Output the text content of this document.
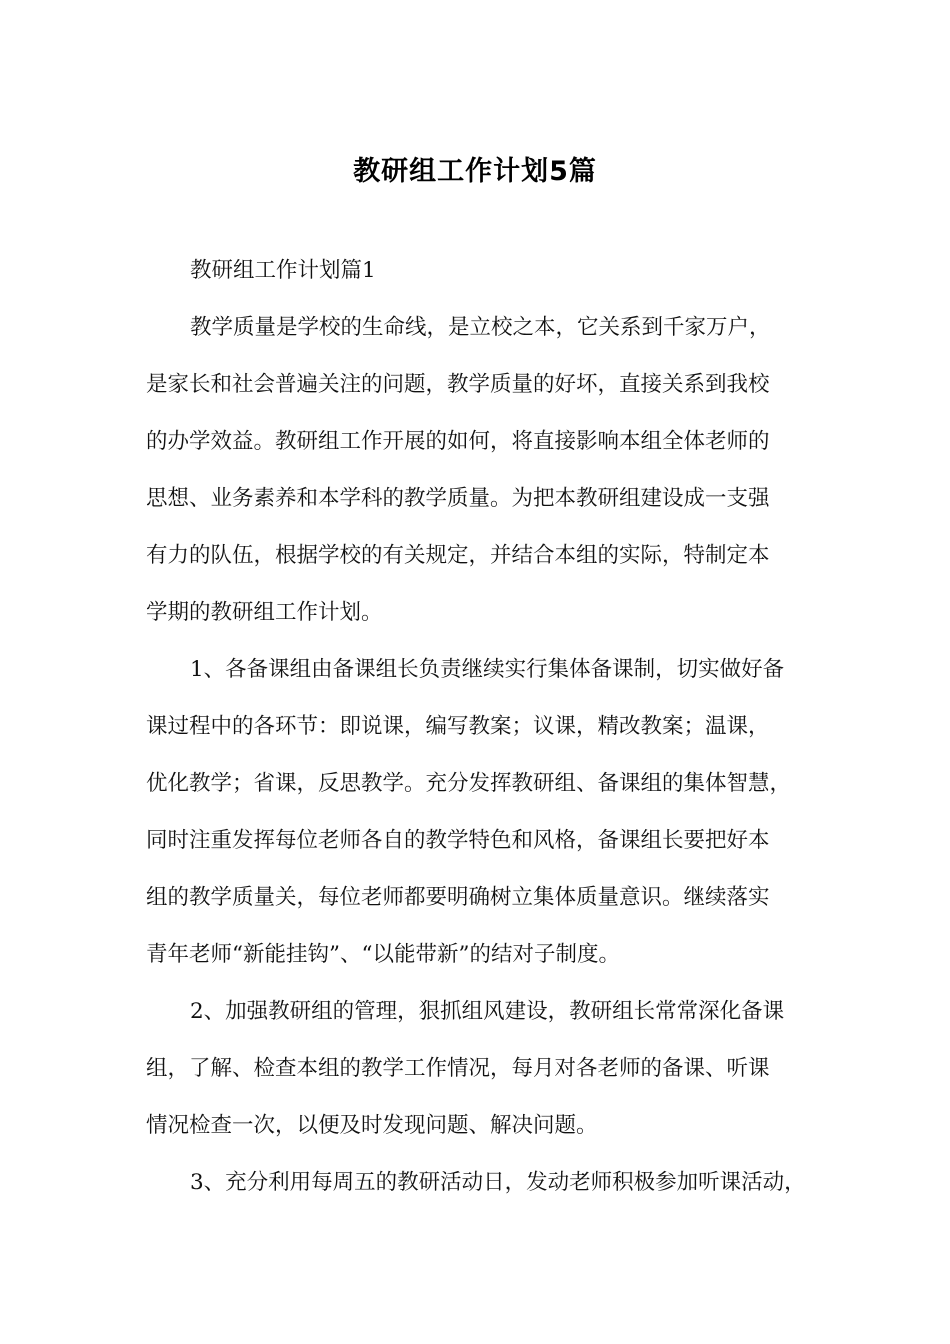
教研组工作计划5篇
教研组工作计划篇1
教学质量是学校的生命线，是立校之本，它关系到千家万户，
是家长和社会普遍关注的问题，教学质量的好坏，直接关系到我校
的办学效益。教研组工作开展的如何，将直接影响本组全体老师的
思想、业务素养和本学科的教学质量。为把本教研组建设成一支强
有力的队伍，根据学校的有关规定，并结合本组的实际，特制定本
学期的教研组工作计划。
1、各备课组由备课组长负责继续实行集体备课制，切实做好备
课过程中的各环节：即说课，编写教案；议课，精改教案；温课，
优化教学；省课，反思教学。充分发挥教研组、备课组的集体智慧，
同时注重发挥每位老师各自的教学特色和风格，备课组长要把好本
组的教学质量关，每位老师都要明确树立集体质量意识。继续落实
青年老师“新能挂钩”、“以能带新”的结对子制度。
2、加强教研组的管理，狠抓组风建设，教研组长常常深化备课
组，了解、检查本组的教学工作情况，每月对各老师的备课、听课
情况检查一次，以便及时发现问题、解决问题。
3、充分利用每周五的教研活动日，发动老师积极参加听课活动，
